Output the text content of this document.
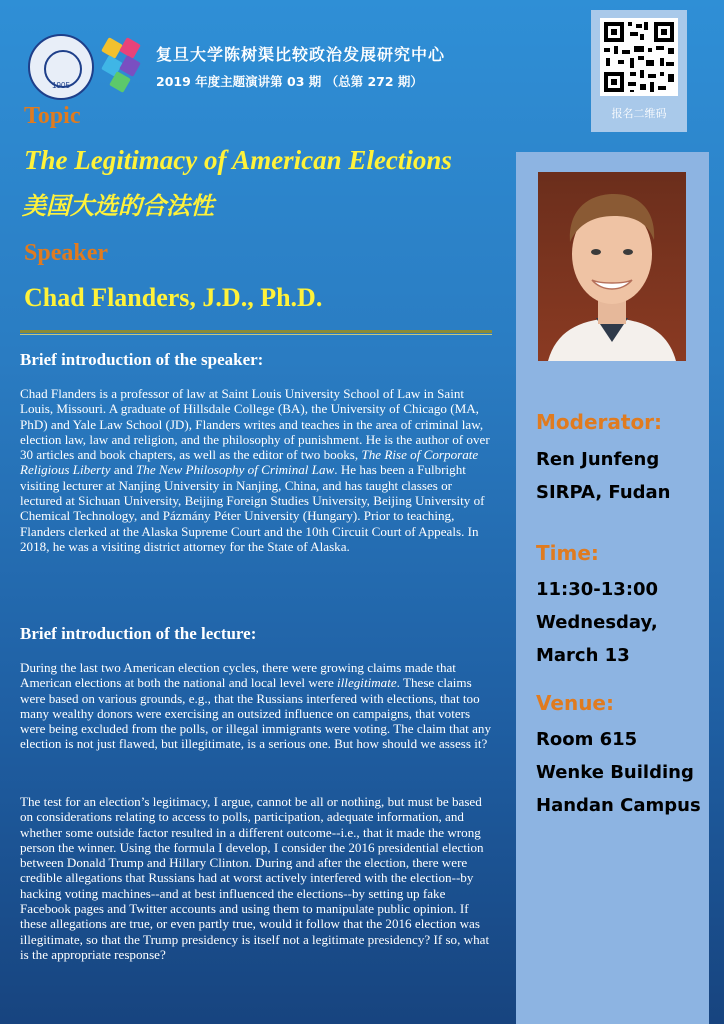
1905
复旦大学陈树渠比较政治发展研究中心
2019 年度主题演讲第 03 期 （总第 272 期）
报名二维码
Topic
The Legitimacy of American Elections
美国大选的合法性
Speaker
Chad Flanders, J.D., Ph.D.
Brief introduction of the speaker:
Chad Flanders is a professor of law at Saint Louis University School of Law in Saint Louis, Missouri. A graduate of Hillsdale College (BA), the University of Chicago (MA, PhD) and Yale Law School (JD), Flanders writes and teaches in the area of criminal law, election law, law and religion, and the philosophy of punishment. He is the author of over 30 articles and book chapters, as well as the editor of two books, The Rise of Corporate Religious Liberty and The New Philosophy of Criminal Law. He has been a Fulbright visiting lecturer at Nanjing University in Nanjing, China, and has taught classes or lectured at Sichuan University, Beijing Foreign Studies University, Beijing University of Chemical Technology, and Pázmány Péter University (Hungary). Prior to teaching, Flanders clerked at the Alaska Supreme Court and the 10th Circuit Court of Appeals. In 2018, he was a visiting district attorney for the State of Alaska.
Brief introduction of the lecture:
During the last two American election cycles, there were growing claims made that American elections at both the national and local level were illegitimate. These claims were based on various grounds, e.g., that the Russians interfered with elections, that too many wealthy donors were exercising an outsized influence on campaigns, that voters were being excluded from the polls, or illegal immigrants were voting. The claim that any election is not just flawed, but illegitimate, is a serious one. But how should we assess it?
The test for an election’s legitimacy, I argue, cannot be all or nothing, but must be based on considerations relating to access to polls, participation, adequate information, and whether some outside factor resulted in a different outcome--i.e., that it made the wrong person the winner. Using the formula I develop, I consider the 2016 presidential election between Donald Trump and Hillary Clinton. During and after the election, there were credible allegations that Russians had at worst actively interfered with the election--by hacking voting machines--and at best influenced the elections--by setting up fake Facebook pages and Twitter accounts and using them to manipulate public opinion. If these allegations are true, or even partly true, would it follow that the 2016 election was illegitimate, so that the Trump presidency is itself not a legitimate presidency? If so, what is the appropriate response?
Moderator:
Ren Junfeng
SIRPA, Fudan
Time:
11:30-13:00
Wednesday,
March 13
Venue:
Room 615
Wenke Building
Handan Campus
